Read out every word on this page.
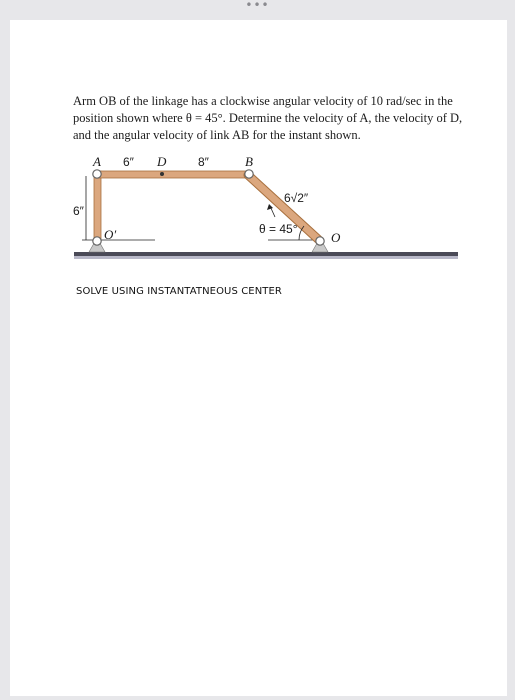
•••
Arm OB of the linkage has a clockwise angular velocity of 10 rad/sec in the position shown where θ = 45°. Determine the velocity of A, the velocity of D, and the angular velocity of link AB for the instant shown.
A 6″ D	8″	B
6√2″
6″
O′	θ = 45°
O
SOLVE USING INSTANTATNEOUS CENTER
